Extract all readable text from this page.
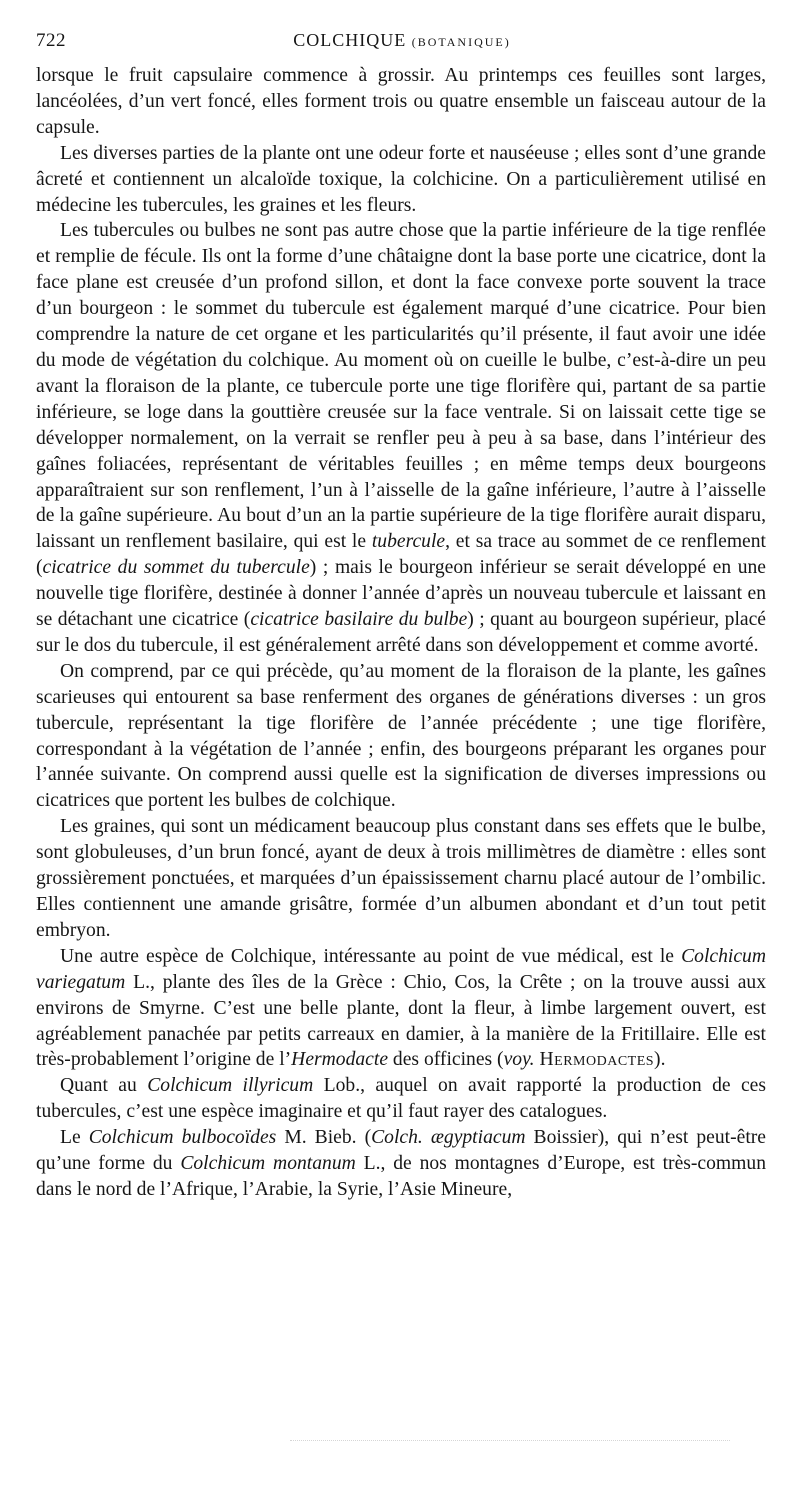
722	COLCHIQUE (BOTANIQUE)

lorsque le fruit capsulaire commence à grossir. Au printemps ces feuilles sont larges, lancéolées, d’un vert foncé, elles forment trois ou quatre ensemble un faisceau autour de la capsule.

Les diverses parties de la plante ont une odeur forte et nauséeuse ; elles sont d’une grande âcreté et contiennent un alcaloïde toxique, la colchicine. On a particulièrement utilisé en médecine les tubercules, les graines et les fleurs.

Les tubercules ou bulbes ne sont pas autre chose que la partie inférieure de la tige renflée et remplie de fécule. Ils ont la forme d’une châtaigne dont la base porte une cicatrice, dont la face plane est creusée d’un profond sillon, et dont la face convexe porte souvent la trace d’un bourgeon : le sommet du tubercule est également marqué d’une cicatrice. Pour bien comprendre la nature de cet organe et les particularités qu’il présente, il faut avoir une idée du mode de végétation du colchique. Au moment où on cueille le bulbe, c’est-à-dire un peu avant la floraison de la plante, ce tubercule porte une tige florifère qui, partant de sa partie inférieure, se loge dans la gouttière creusée sur la face ventrale. Si on laissait cette tige se développer normalement, on la verrait se renfler peu à peu à sa base, dans l’intérieur des gaînes foliacées, représentant de véritables feuilles ; en même temps deux bourgeons apparaîtraient sur son renflement, l’un à l’aisselle de la gaîne inférieure, l’autre à l’aisselle de la gaîne supérieure. Au bout d’un an la partie supérieure de la tige florifère aurait disparu, laissant un renflement basilaire, qui est le tubercule, et sa trace au sommet de ce renflement (cicatrice du sommet du tubercule) ; mais le bourgeon inférieur se serait développé en une nouvelle tige florifère, destinée à donner l’année d’après un nouveau tubercule et laissant en se détachant une cicatrice (cicatrice basilaire du bulbe) ; quant au bourgeon supérieur, placé sur le dos du tubercule, il est généralement arrêté dans son développement et comme avorté.

On comprend, par ce qui précède, qu’au moment de la floraison de la plante, les gaînes scarieuses qui entourent sa base renferment des organes de générations diverses : un gros tubercule, représentant la tige florifère de l’année précédente ; une tige florifère, correspondant à la végétation de l’année ; enfin, des bourgeons préparant les organes pour l’année suivante. On comprend aussi quelle est la signification de diverses impressions ou cicatrices que portent les bulbes de colchique.

Les graines, qui sont un médicament beaucoup plus constant dans ses effets que le bulbe, sont globuleuses, d’un brun foncé, ayant de deux à trois millimètres de diamètre : elles sont grossièrement ponctuées, et marquées d’un épaississement charnu placé autour de l’ombilic. Elles contiennent une amande grisâtre, formée d’un albumen abondant et d’un tout petit embryon.

Une autre espèce de Colchique, intéressante au point de vue médical, est le Colchicum variegatum L., plante des îles de la Grèce : Chio, Cos, la Crête ; on la trouve aussi aux environs de Smyrne. C’est une belle plante, dont la fleur, à limbe largement ouvert, est agréablement panachée par petits carreaux en damier, à la manière de la Fritillaire. Elle est très-probablement l’origine de l’Hermodacte des officines (voy. Hermodactes).

Quant au Colchicum illyricum Lob., auquel on avait rapporté la production de ces tubercules, c’est une espèce imaginaire et qu’il faut rayer des catalogues.

Le Colchicum bulbocoïdes M. Bieb. (Colch. ægyptiacum Boissier), qui n’est peut-être qu’une forme du Colchicum montanum L., de nos montagnes d’Europe, est très-commun dans le nord de l’Afrique, l’Arabie, la Syrie, l’Asie Mineure,
